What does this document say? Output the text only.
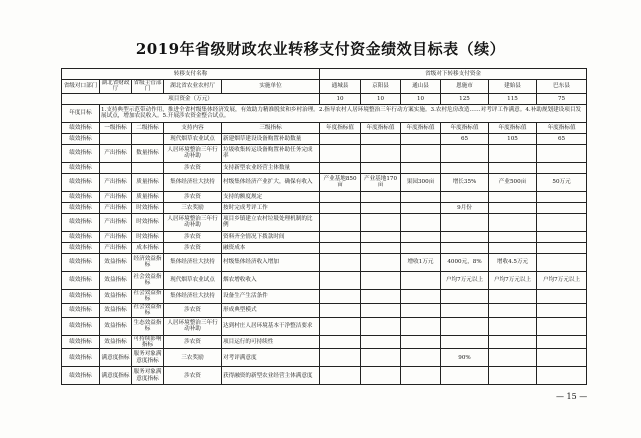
2019年省级财政农业转移支付资金绩效目标表（续）
转移支付名称					省级对下转移支付资金					
省级对口部门	湖北省财政厅	省级主管部门	湖北省农业农村厅	实施单位	通城县	京阳县	通山县	恩施市	建始县	巴东县
项目资金（万元）					10	10	10	125	115	75
年度目标	1.支持典型示范带动作用，推进全省村级集体经济发展，有效助力精准脱贫和乡村治理。2.指导农村人居环境整治三年行动方案实施。3.农村危房改造……对考评工作满意。4.补助规划建设项目发展试点，增加农民收入。5.开展涉农资金整合试点。									
绩效指标	一级指标	二级指标	支持内容	三级指标	年度指标值	年度指标值	年度指标值	年度指标值	年度指标值	年度指标值
绩效指标			现代烟草农业试点	新建烟草建设设备购置补助数量				65	105	65
绩效指标	产出指标	数量指标	人居环境整治三年行动补助	垃圾收集转运设备购置补助任务完成率						
绩效指标			涉农资	支持新型农业经营主体数量						
绩效指标	产出指标	质量指标	集体经济壮大扶持	村级集体经济产业扩大，确保有收入	产业基地850亩	产业基地170亩	果园300亩	增长35%	产业500亩	50万元
绩效指标	产出指标	质量指标	涉农资	支持的额度规定						
绩效指标	产出指标	时效指标	三农奖励	按时完成考评工作				9月份		
绩效指标	产出指标	时效指标	人居环境整治三年行动补助	项目乡镇建立农村垃圾处理机制的比例						
绩效指标	产出指标	时效指标	涉农资	资料齐全情况下拨款时间						
绩效指标	产出指标	成本指标	涉农资	融资成本						
绩效指标	效益指标	经济效益指标	集体经济壮大扶持	村级集体经济收入增加			增收1万元	4000元，8%	增收4.5万元	
绩效指标	效益指标	社会效益指标	现代烟草农业试点	烟农增收收入				户均7万元以上	户均7万元以上	户均7万元以上
绩效指标	效益指标	社会效益指标	集体经济壮大扶持	设备生产生活条件						
绩效指标	效益指标	社会效益指标	涉农资	形成典型模式						
绩效指标	效益指标	生态效益指标	人居环境整治三年行动补助	达到村庄人居环境基本干净整洁要求						
绩效指标	效益指标	可持续影响指标	涉农资	项目运行的可持续性						
绩效指标	满意度指标	服务对象满意度指标	三农奖励	对考评满意度				90%		
绩效指标	满意度指标	服务对象满意度指标	涉农资	获得融资的新型农业经营主体满意度						
— 15 —
